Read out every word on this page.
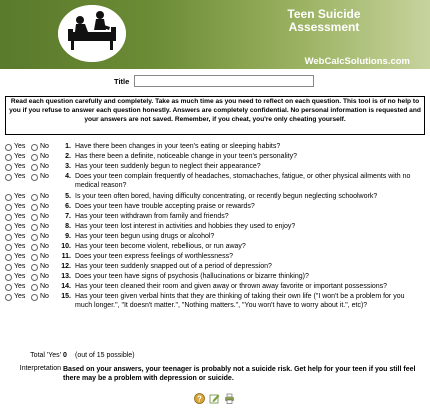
Teen Suicide
Assessment
WebCalcSolutions.com
Title
Read each question carefully and completely. Take as much time as you need to reflect on each question. This tool is of no help to you if you refuse to answer each question honestly. Answers are completely confidential. No personal information is requested and your answers are not saved. Remember, if you cheat, you're only cheating yourself.
Yes No	1. Have there been changes in your teen's eating or sleeping habits?
Yes No	2. Has there been a definite, noticeable change in your teen's personality?
Yes No	3. Has your teen suddenly begun to neglect their appearance?
Yes No	4. Does your teen complain frequently of headaches, stomachaches, fatigue, or other physical ailments with no medical reason?
Yes No	5. Is your teen often bored, having difficulty concentrating, or recently begun neglecting schoolwork?
Yes No	6. Does your teen have trouble accepting praise or rewards?
Yes No	7. Has your teen withdrawn from family and friends?
Yes No	8. Has your teen lost interest in activities and hobbies they used to enjoy?
Yes No	9. Has your teen begun using drugs or alcohol?
Yes No	10. Has your teen become violent, rebellious, or run away?
Yes No	11. Does your teen express feelings of worthlessness?
Yes No	12. Has your teen suddenly snapped out of a period of depression?
Yes No	13. Does your teen have signs of psychosis (hallucinations or bizarre thinking)?
Yes No	14. Has your teen cleaned their room and given away or thrown away favorite or important possessions?
Yes No	15. Has your teen given verbal hints that they are thinking of taking their own life ("I won't be a problem for you much longer.", "It doesn't matter.", "Nothing matters.", "You won't have to worry about it.", etc)?
Total 'Yes' 0 (out of 15 possible)
Interpretation Based on your answers, your teenager is probably not a suicide risk. Get help for your teen if you still feel there may be a problem with depression or suicide.
?
